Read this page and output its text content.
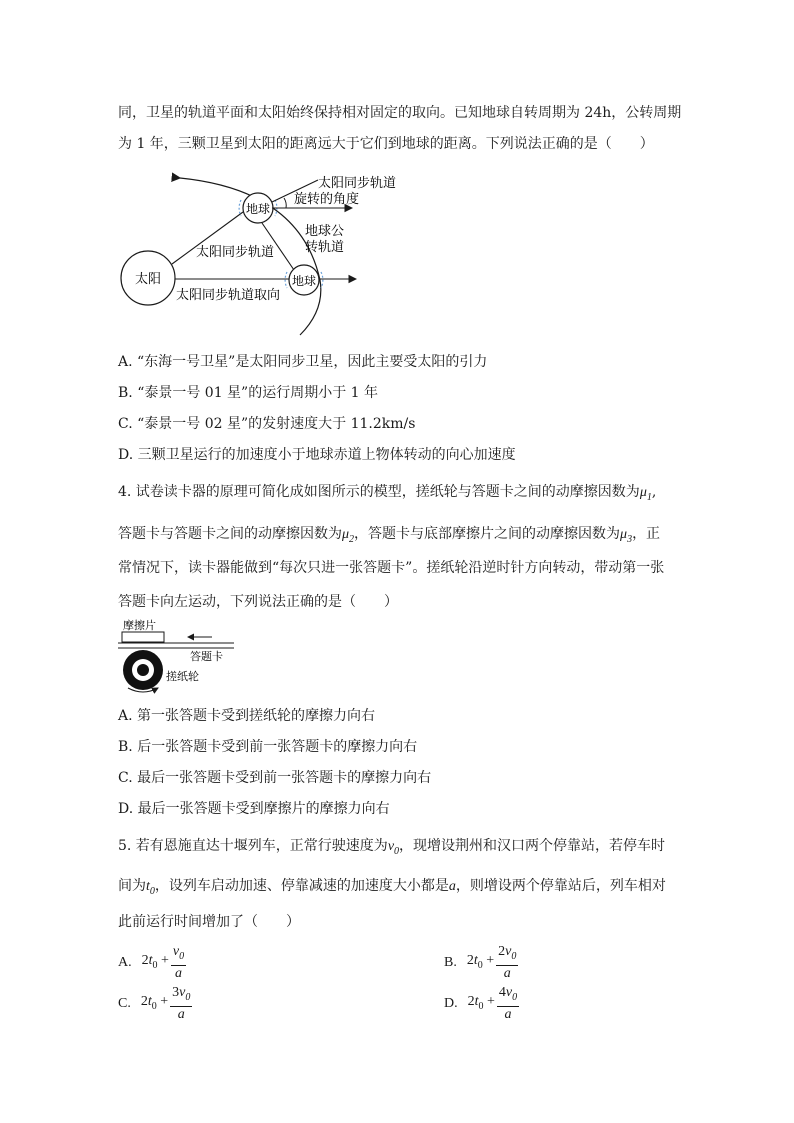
同，卫星的轨道平面和太阳始终保持相对固定的取向。已知地球自转周期为 24h，公转周期
为 1 年，三颗卫星到太阳的距离远大于它们到地球的距离。下列说法正确的是（　　）
太阳
地球
地球
太阳同步轨道
旋转的角度
太阳同步轨道
地球公
转轨道
太阳同步轨道取向
A. “东海一号卫星”是太阳同步卫星，因此主要受太阳的引力
B. “泰景一号 01 星”的运行周期小于 1 年
C. “泰景一号 02 星”的发射速度大于 11.2km/s
D. 三颗卫星运行的加速度小于地球赤道上物体转动的向心加速度
4. 试卷读卡器的原理可简化成如图所示的模型，搓纸轮与答题卡之间的动摩擦因数为$\mu_1$,
答题卡与答题卡之间的动摩擦因数为$\mu_2$，答题卡与底部摩擦片之间的动摩擦因数为$\mu_3$，正
常情况下，读卡器能做到“每次只进一张答题卡”。搓纸轮沿逆时针方向转动，带动第一张
答题卡向左运动，下列说法正确的是（　　）
摩擦片
答题卡
搓纸轮
A. 第一张答题卡受到搓纸轮的摩擦力向右
B. 后一张答题卡受到前一张答题卡的摩擦力向右
C. 最后一张答题卡受到前一张答题卡的摩擦力向右
D. 最后一张答题卡受到摩擦片的摩擦力向右
5. 若有恩施直达十堰列车，正常行驶速度为$v_0$，现增设荆州和汉口两个停靠站，若停车时
间为$t_0$，设列车启动加速、停靠减速的加速度大小都是a，则增设两个停靠站后，列车相对
此前运行时间增加了（　　）
A. $2t_0 + \frac{v_0}{a}$	B. $2t_0 + \frac{2v_0}{a}$
C. $2t_0 + \frac{3v_0}{a}$	D. $2t_0 + \frac{4v_0}{a}$
